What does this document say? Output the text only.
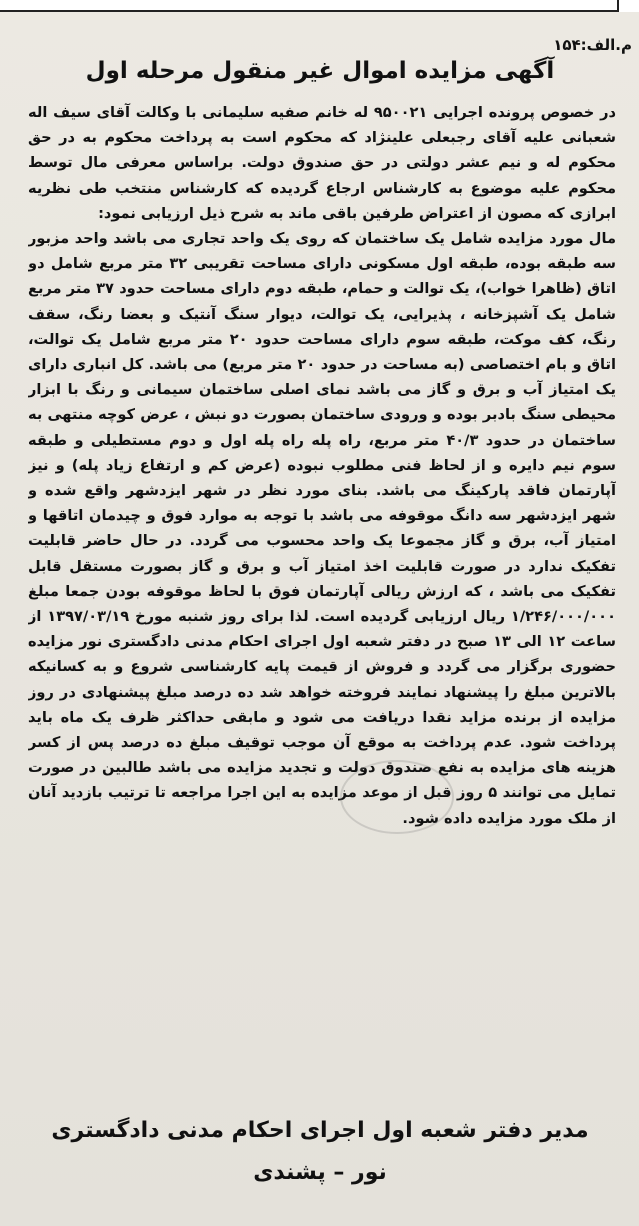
م.الف:۱۵۴
آگهی مزایده اموال غیر منقول مرحله اول

در خصوص پرونده اجرایی ۹۵۰۰۲۱ له خانم صفیه سلیمانی با وکالت آقای سیف اله شعبانی علیه آقای رجبعلی علینژاد که محکوم است به پرداخت محکوم به در حق محکوم له و نیم عشر دولتی در حق صندوق دولت. براساس معرفی مال توسط محکوم علیه موضوع به کارشناس ارجاع گردیده که کارشناس منتخب طی نظریه ابرازی که مصون از اعتراض طرفین باقی ماند به شرح ذیل ارزیابی نمود:

مال مورد مزایده شامل یک ساختمان که روی یک واحد تجاری می باشد واحد مزبور سه طبقه بوده، طبقه اول مسکونی دارای مساحت تقریبی ۳۲ متر مربع شامل دو اتاق (ظاهرا خواب)، یک توالت و حمام، طبقه دوم دارای مساحت حدود ۳۷ متر مربع شامل یک آشپزخانه ، پذیرایی، یک توالت، دیوار سنگ آنتیک و بعضا رنگ، سقف رنگ، کف موکت، طبقه سوم دارای مساحت حدود ۲۰ متر مربع شامل یک توالت، اتاق و بام اختصاصی (به مساحت در حدود ۲۰ متر مربع) می باشد. کل انباری دارای یک امتیاز آب و برق و گاز می باشد نمای اصلی ساختمان سیمانی و رنگ با ابزار محیطی سنگ بادبر بوده و ورودی ساختمان بصورت دو نبش ، عرض کوچه منتهی به ساختمان در حدود ۴۰/۳ متر مربع، راه پله راه پله اول و دوم مستطیلی و طبقه سوم نیم دایره و از لحاظ فنی مطلوب نبوده (عرض کم و ارتفاع زیاد پله) و نیز آپارتمان فاقد پارکینگ می باشد. بنای مورد نظر در شهر ایزدشهر واقع شده و شهر ایزدشهر سه دانگ موقوفه می باشد با توجه به موارد فوق و چیدمان اتاقها و امتیاز آب، برق و گاز مجموعا یک واحد محسوب می گردد. در حال حاضر قابلیت تفکیک ندارد در صورت قابلیت اخذ امتیاز آب و برق و گاز بصورت مستقل قابل تفکیک می باشد ، که ارزش ریالی آپارتمان فوق با لحاظ موقوفه بودن جمعا مبلغ ۱/۲۴۶/۰۰۰/۰۰۰ ریال ارزیابی گردیده است. لذا برای روز شنبه مورخ ۱۳۹۷/۰۳/۱۹ از ساعت ۱۲ الی ۱۳ صبح در دفتر شعبه اول اجرای احکام مدنی دادگستری نور مزایده حضوری برگزار می گردد و فروش از قیمت پایه کارشناسی شروع و به کسانیکه بالاترین مبلغ را پیشنهاد نمایند فروخته خواهد شد ده درصد مبلغ پیشنهادی در روز مزایده از برنده مزاید نقدا دریافت می شود و مابقی حداکثر ظرف یک ماه باید پرداخت شود. عدم پرداخت به موقع آن موجب توقیف مبلغ ده درصد پس از کسر هزینه های مزایده به نفع صندوق دولت و تجدید مزایده می باشد طالبین در صورت تمایل می توانند ۵ روز قبل از موعد مزایده به این اجرا مراجعه تا ترتیب بازدید آنان از ملک مورد مزایده داده شود.

مدیر دفتر شعبه اول اجرای احکام مدنی دادگستری
نور – پشندی
